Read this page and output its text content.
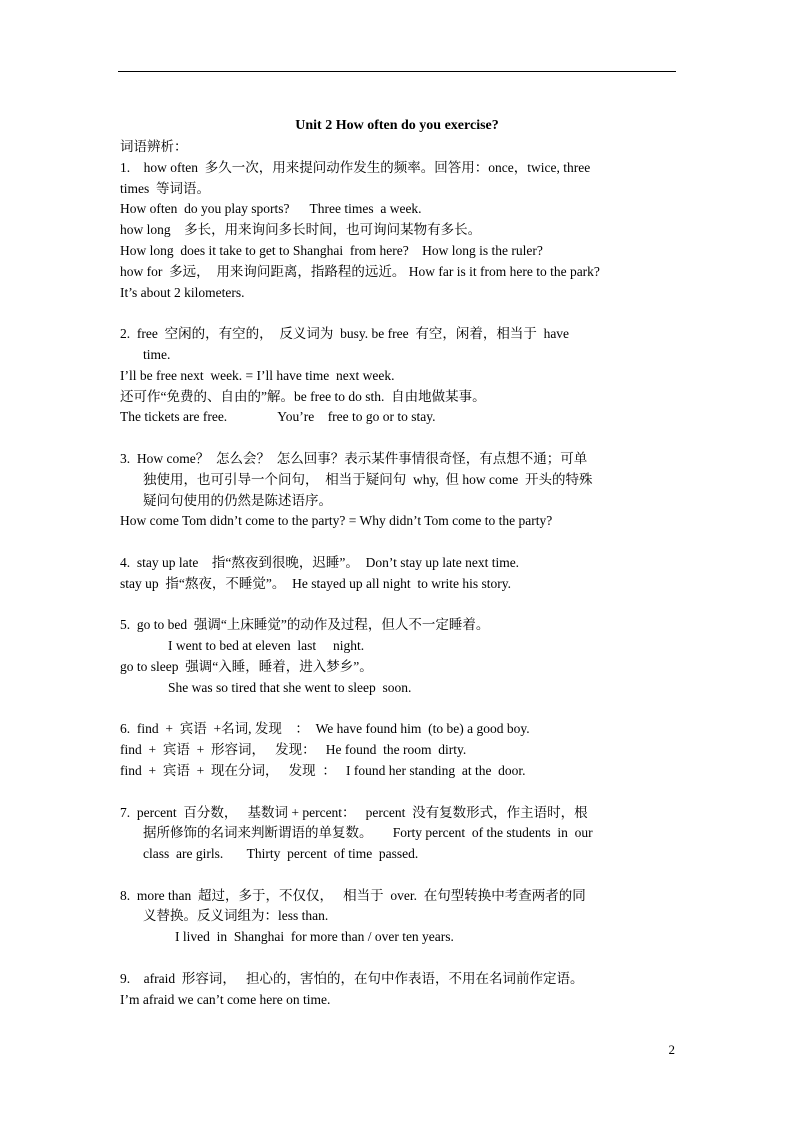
Unit 2 How often do you exercise?
词语辨析：
1.    how often  多久一次，用来提问动作发生的频率。回答用：once，twice, three
times  等词语。
How often  do you play sports?      Three times  a week.
how long    多长，用来询问多长时间，也可询问某物有多长。
How long  does it take to get to Shanghai  from here?    How long is the ruler?
how for  多远，  用来询问距离，指路程的远近。 How far is it from here to the park?
It’s about 2 kilometers.
2.  free  空闲的，有空的，  反义词为  busy. be free  有空，闲着，相当于  have
time.
I’ll be free next  week. = I’ll have time  next week.
还可作“免费的、自由的”解。be free to do sth.  自由地做某事。
The tickets are free.               You’re    free to go or to stay.
3.  How come？  怎么会？  怎么回事？表示某件事情很奇怪，有点想不通；可单
独使用，也可引导一个问句，  相当于疑问句  why,  但 how come  开头的特殊
疑问句使用的仍然是陈述语序。
How come Tom didn’t come to the party? = Why didn’t Tom come to the party?
4.  stay up late    指“熬夜到很晚，迟睡”。  Don’t stay up late next time.
stay up  指“熬夜，不睡觉”。  He stayed up all night  to write his story.
5.  go to bed  强调“上床睡觉”的动作及过程，但人不一定睡着。
I went to bed at eleven  last     night.
go to sleep  强调“入睡，睡着，进入梦乡”。
She was so tired that she went to sleep  soon.
6.  find  +  宾语  +名词, 发现    ：  We have found him  (to be) a good boy.
find  +  宾语  +  形容词，   发现：   He found  the room  dirty.
find  +  宾语  +  现在分词，   发现  ：   I found her standing  at the  door.
7.  percent  百分数，   基数词 + percent：   percent  没有复数形式，作主语时，根
据所修饰的名词来判断谓语的单复数。      Forty percent  of the students  in  our
class  are girls.       Thirty  percent  of time  passed.
8.  more than  超过，多于，不仅仅，   相当于  over.  在句型转换中考查两者的同
义替换。反义词组为：less than.
I lived  in  Shanghai  for more than / over ten years.
9.    afraid  形容词，   担心的，害怕的，在句中作表语，不用在名词前作定语。
I’m afraid we can’t come here on time.
2
